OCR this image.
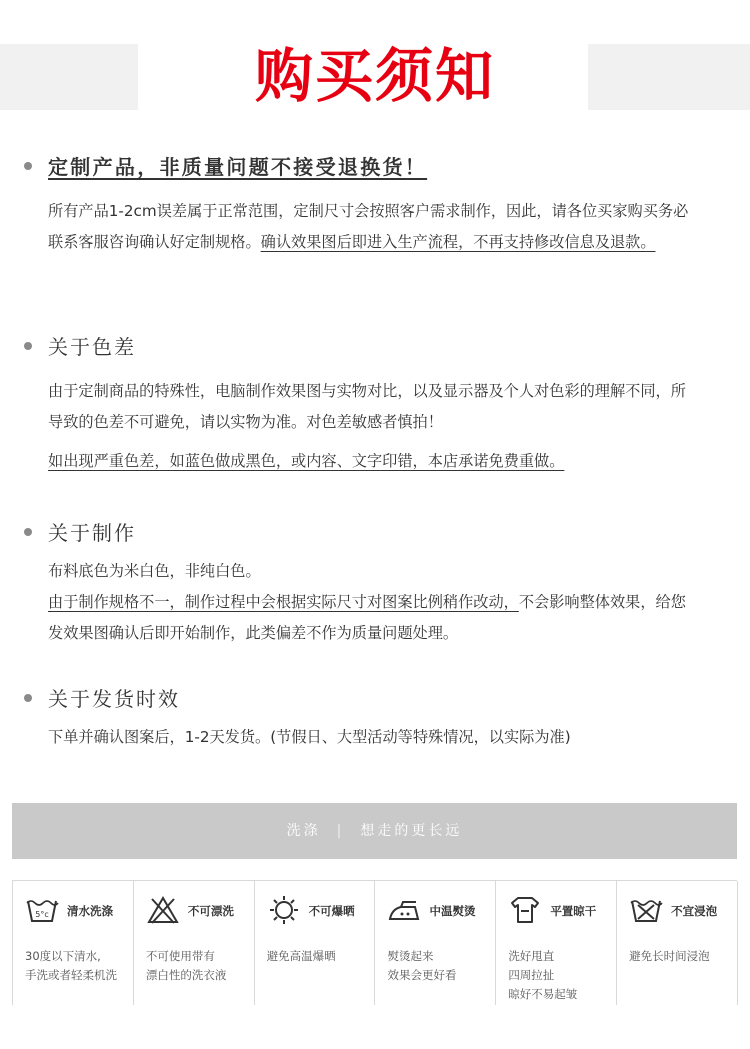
购买须知
定制产品，非质量问题不接受退换货！
所有产品1-2cm误差属于正常范围，定制尺寸会按照客户需求制作，因此，请各位买家购买务必联系客服咨询确认好定制规格。确认效果图后即进入生产流程，不再支持修改信息及退款。
关于色差
由于定制商品的特殊性，电脑制作效果图与实物对比，以及显示器及个人对色彩的理解不同，所导致的色差不可避免，请以实物为准。对色差敏感者慎拍！
如出现严重色差，如蓝色做成黑色，或内容、文字印错，本店承诺免费重做。
关于制作
布料底色为米白色，非纯白色。
由于制作规格不一，制作过程中会根据实际尺寸对图案比例稍作改动，不会影响整体效果，给您发效果图确认后即开始制作，此类偏差不作为质量问题处理。
关于发货时效
下单并确认图案后，1-2天发货。(节假日、大型活动等特殊情况，以实际为准)
洗涤 | 想走的更长远
5°c 清水洗涤
30度以下清水,
手洗或者轻柔机洗
不可漂洗
不可使用带有
漂白性的洗衣液
不可爆晒
避免高温爆晒
中温熨烫
熨烫起来
效果会更好看
平置晾干
洗好甩直
四周拉扯
晾好不易起皱
不宜浸泡
避免长时间浸泡
